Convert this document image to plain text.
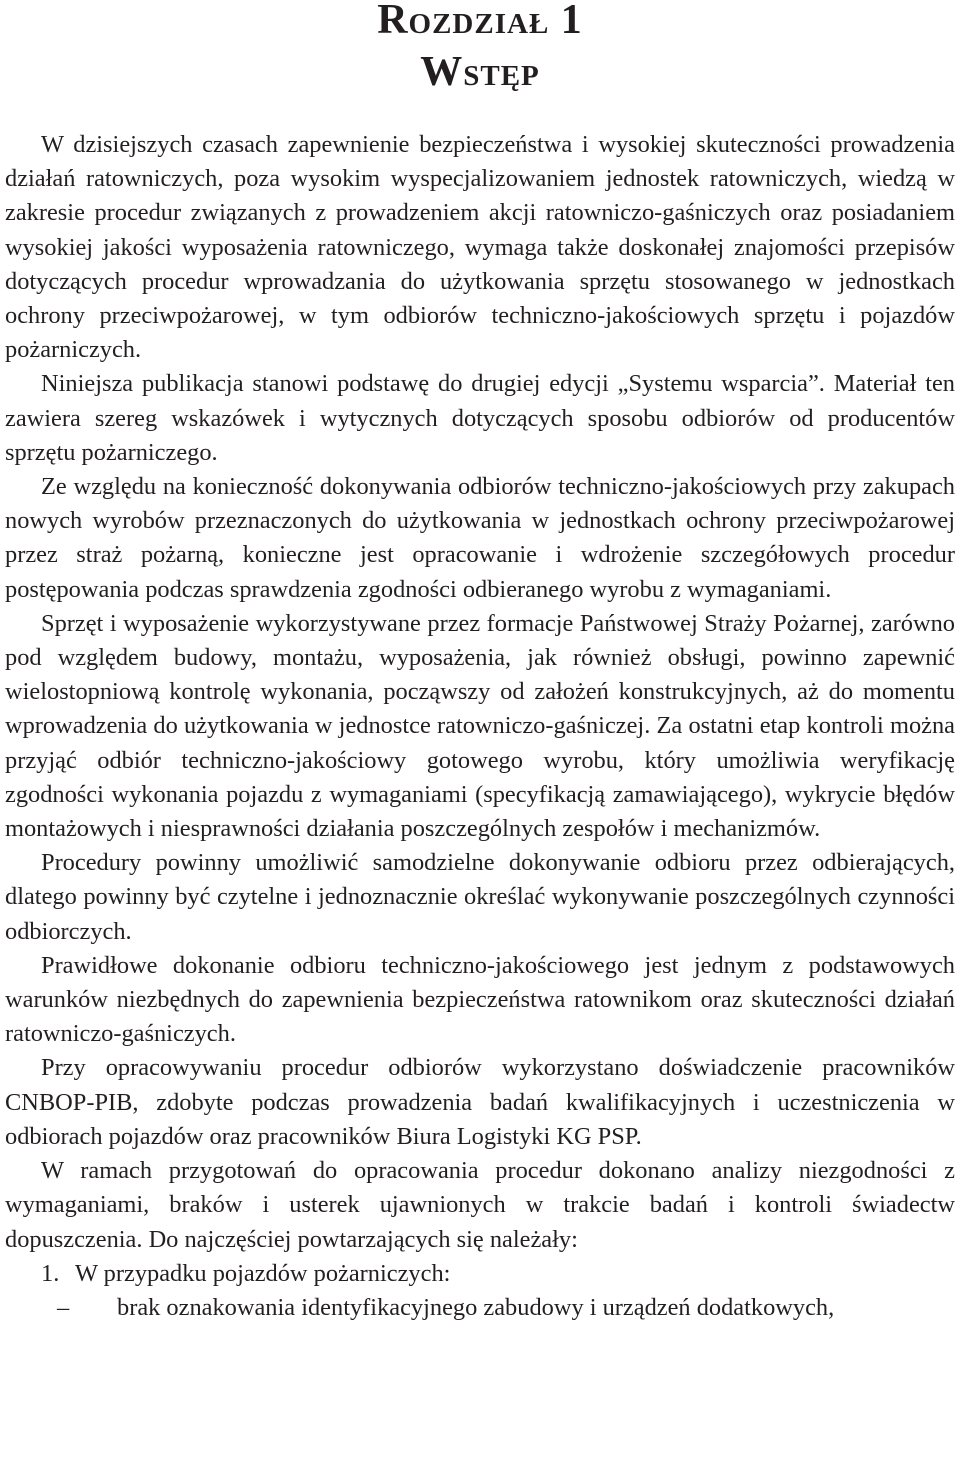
Rozdział 1
Wstęp

W dzisiejszych czasach zapewnienie bezpieczeństwa i wysokiej skuteczności prowadzenia działań ratowniczych, poza wysokim wyspecjalizowaniem jednostek ratowniczych, wiedzą w zakresie procedur związanych z prowadzeniem akcji ratowniczo-gaśniczych oraz posiadaniem wysokiej jakości wyposażenia ratowniczego, wymaga także doskonałej znajomości przepisów dotyczących procedur wprowadzania do użytkowania sprzętu stosowanego w jednostkach ochrony przeciwpożarowej, w tym odbiorów techniczno-jakościowych sprzętu i pojazdów pożarniczych.

Niniejsza publikacja stanowi podstawę do drugiej edycji „Systemu wsparcia”. Materiał ten zawiera szereg wskazówek i wytycznych dotyczących sposobu odbiorów od producentów sprzętu pożarniczego.

Ze względu na konieczność dokonywania odbiorów techniczno-jakościowych przy zakupach nowych wyrobów przeznaczonych do użytkowania w jednostkach ochrony przeciwpożarowej przez straż pożarną, konieczne jest opracowanie i wdrożenie szczegółowych procedur postępowania podczas sprawdzenia zgodności odbieranego wyrobu z wymaganiami.

Sprzęt i wyposażenie wykorzystywane przez formacje Państwowej Straży Pożarnej, zarówno pod względem budowy, montażu, wyposażenia, jak również obsługi, powinno zapewnić wielostopniową kontrolę wykonania, począwszy od założeń konstrukcyjnych, aż do momentu wprowadzenia do użytkowania w jednostce ratowniczo-gaśniczej. Za ostatni etap kontroli można przyjąć odbiór techniczno-jakościowy gotowego wyrobu, który umożliwia weryfikację zgodności wykonania pojazdu z wymaganiami (specyfikacją zamawiającego), wykrycie błędów montażowych i niesprawności działania poszczególnych zespołów i mechanizmów.

Procedury powinny umożliwić samodzielne dokonywanie odbioru przez odbierających, dlatego powinny być czytelne i jednoznacznie określać wykonywanie poszczególnych czynności odbiorczych.

Prawidłowe dokonanie odbioru techniczno-jakościowego jest jednym z podstawowych warunków niezbędnych do zapewnienia bezpieczeństwa ratownikom oraz skuteczności działań ratowniczo-gaśniczych.

Przy opracowywaniu procedur odbiorów wykorzystano doświadczenie pracowników CNBOP-PIB, zdobyte podczas prowadzenia badań kwalifikacyjnych i uczestniczenia w odbiorach pojazdów oraz pracowników Biura Logistyki KG PSP.

W ramach przygotowań do opracowania procedur dokonano analizy niezgodności z wymaganiami, braków i usterek ujawnionych w trakcie badań i kontroli świadectw dopuszczenia. Do najczęściej powtarzających się należały:

1. W przypadku pojazdów pożarniczych:
– brak oznakowania identyfikacyjnego zabudowy i urządzeń dodatkowych,
